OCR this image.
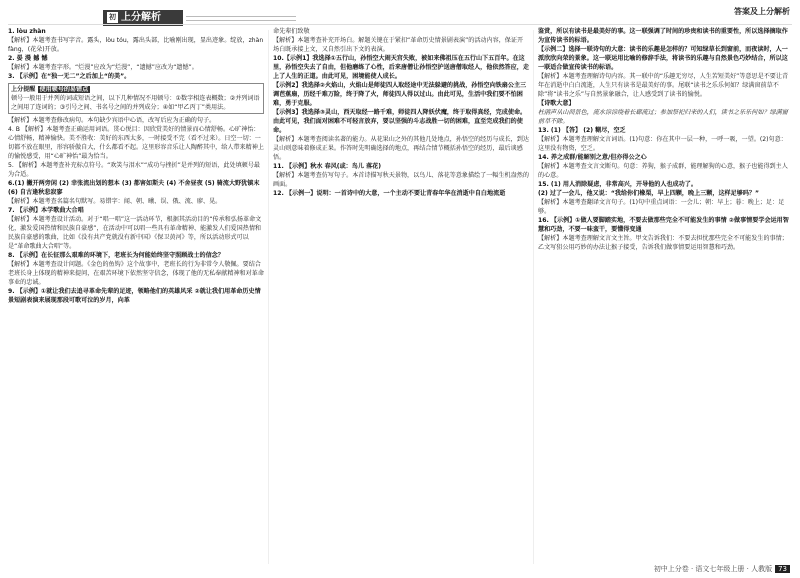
初 上分解析
答案及上分解析

1. lòu zhàn

【解析】本题考查书写字音。露头，lòu tóu，露出头部，比喻刚出现，显出迹象。绽放，zhàn fàng，(花朵)开放。

2. 晏 漫 撼 憾

【解析】本题考查字形。“烂漫”应改为“烂漫”，“遗撼”应改为“遗憾”。

3. 【示例】在“独一无二”之后加上“的美”。

上分提醒 使用顿号的易错点
顿号一般用于并列的词或短语之间，以下几种情况不用顿号：①数字相连表概数；②并列词语之间用了连词的；③引号之间、书名号之间的并列成分；④如“甲乙丙丁”类用法。

【解析】本题考查修改病句。本句缺少宾语中心语，改写后应为正确的句子。

4. B 【解析】本题考查正确运用词语。贯心悦目：因欣赏美好的情景而心情舒畅。心旷神怡：心情舒畅，精神愉快。美不胜收：美好的东西太多，一时接受不完（看不过来）。日空一切：一切都不放在眼里，形容骄傲自大，什么都看不起。这里形容音乐让人陶醉其中，给人带来精神上的愉悦感受，用“心旷神怡”最为恰当。

5. 【解析】本题考查补充标点符号。“欢笑与泪水”“成功与挫折”是并列的短语，此处填顿号最为合适。

6.(1) 撇开两旁闲 (2) 幸张流出划的想本 (3) 都害如斯夫 (4) 不舍昼夜 (5) 骑流大野犹镇末 (6) 自古逢秋悲寂寥

【解析】本题考查名篇名句默写。易错字：闻、朝、曦、误、俄、流、廖、晃。

7. 【示例】本学歌曲大合唱

【解析】本题考查设计活动。对于“唱一唱”这一活动环节，根据其活动目的“传承和弘扬革命文化，激发爱国热情和民族自豪感”，在活动中可以唱一些具有革命精神、能激发人们爱国热情和民族自豪感的歌曲，比如《没有共产党就没有新中国》《保卫黄河》等，所以活动形式可以是“革命歌曲大合唱”等。

8. 【示例】在长征那么艰难的环境下，老班长为何能始终坚守照顾战士的信念？

【解析】本题考查设计问题。《金色的鱼钩》这个故事中，老班长的行为非常令人敬佩。要结合老班长身上体现的精神来提问，在艰苦环境下依然坚守信念，体现了他的无私奉献精神和对革命事业的忠诚。

9. 【示例】①就让我们去追寻革命先辈的足迹，领略他们的英雄风采 ②就让我们用革命历史情景短剧表演来展现那段可歌可泣的岁月，向革

命先辈们致敬

【解析】本题考查补充开场白。解题关键在于紧扣“革命历史情景剧表演”的活动内容，保证开场白既承接上文，又自然引出下文的表演。

10.【示例1】我选择①五行山，孙悟空大闹天宫失败，被如来佛祖压在五行山下五百年。在这里，孙悟空失去了自由，但他磨练了心性，后来唐僧让孙悟空护送唐僧取经人，他依然答应，走上了人生的正道。由此可见，困境能使人成长。

【示例2】我选择②火焰山，火焰山是师徒四人取经途中无法躲避的挑战，孙悟空向铁扇公主三调芭蕉扇，历经千难万险，终于降了火，师徒四人得以过山。由此可见，生活中我们要不怕困难，勇于克服。

【示例3】我选择③灵山，西天取经一路千难，师徒四人降妖伏魔，终于取得真经，完成使命。由此可见，我们面对困难不可轻言放弃，要以坚强的斗志战胜一切的困难，直至完成我们的使命。

【解析】本题考查阅读名著的能力。从花果山之外的其他几处地点，孙悟空的经历与成长，到达灵山则意味着修成正果。作答时先明确选择的地点，再结合情节概括孙悟空的经历，最后谈感悟。

11. 【示例】秋水 春风(或：鸟儿 落花)

【解析】本题考查仿写句子。本首诗描写秋天景物，以鸟儿、落花等意象描绘了一幅生机盎然的画面。

12. 【示例一】说明：一首诗中的大意，一个主动不要让青春年华在消逝中自白地流逝

鉴赏，所以有读书是最美好的事。这一联强调了时间的珍贵和读书的重要性，所以选择摘取作为宣传读书的标语。

【示例二】选择一联诗句的大意：读书的乐趣是怎样的？可知绿草长到窗前，而夜读时，人一派欣欣向荣的景象。这一联运用比喻的修辞手法，将读书的乐趣与自然景色巧妙结合，所以这一联适合做宣传读书的标语。

【解析】本题考查理解诗句内容。其一联中的“乐趣无穷尽，人生苦短美好”等意思是不要让青年在消逝中白白流逝，人生只有读书是最美好的事。尾联“读书之乐乐何如？绿满窗前草不除”将“读书之乐”与自然景象融合，让人感受到了读书的愉悦。

【诗歌大意】

杜鹃声从山间景色，流水淙淙绕着长廊流过；参加祭祀归来的人们，读书之乐乐何如？绿满窗前草不除。

13. (1) 【答】 (2) 糊尽，空乏

【解析】本题考查理解文言词语。(1)句意：你在其中一层一种，一呼一吸，一望。(2)句意：这里没有物资，空乏。

14. 养之成群/能解别之意/但亦得公之心

【解析】本题考查文言文断句。句意：养狗，猴子成群，能理解狗的心意，猴子也能得到主人的心意。

15. (1) 用人消除疑虑，非常高兴，开导他的人也成功了。

(2) 过了一会儿，他又说：“我给你们橡栗，早上四颗，晚上三颗，这样足够吗？”

【解析】本题考查翻译文言句子。(1)句中重点词语：一会儿；朝：早上；暮：晚上；足：足够。

16. 【示例】①做人要脚踏实地，不要去做那些完全不可能发生的事情 ②做事情要学会运用智慧和巧劲，不要一味蛮干，要懂得变通

【解析】本题考查理解文言文主旨。甲文告诉我们：不要去担忧那些完全不可能发生的事情；乙文写狙公用巧妙的办法让猴子接受，告诉我们做事情要运用智慧和巧劲。

初中上分卷 · 语文七年级上册 · 人教版 73
